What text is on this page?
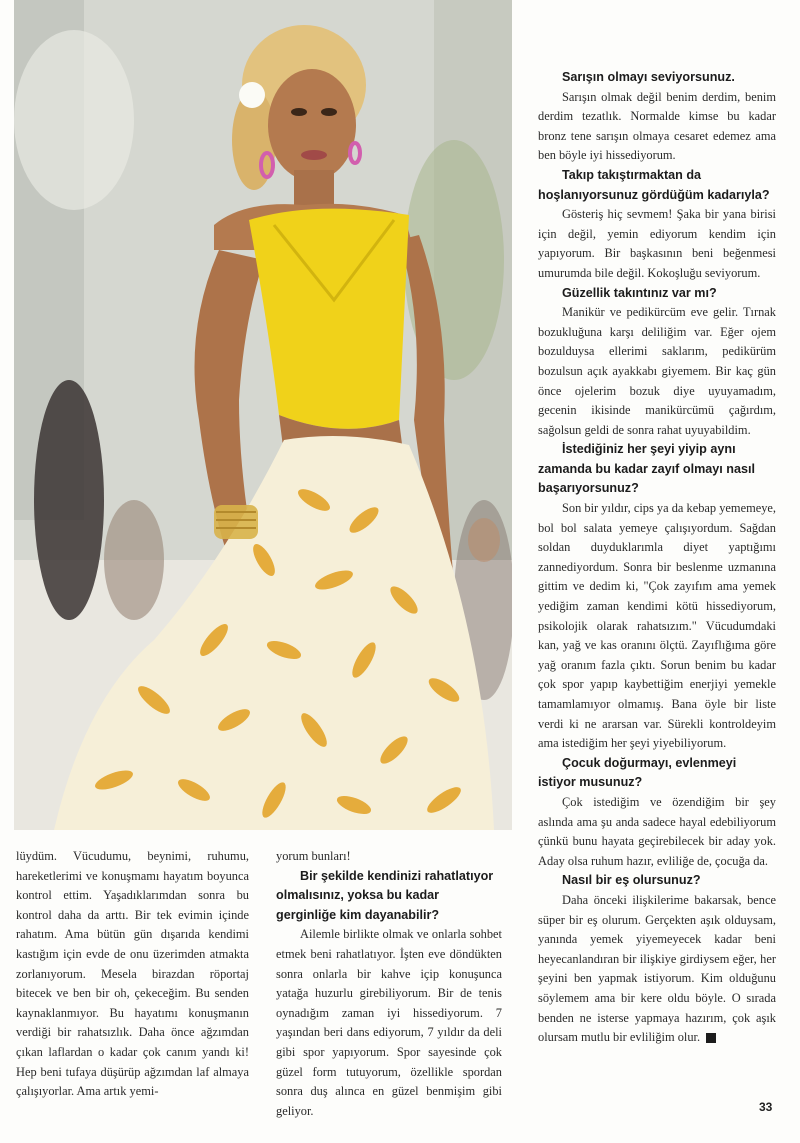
Sarışın olmayı seviyorsunuz.

Sarışın olmak değil benim derdim, benim derdim tezatlık. Normalde kimse bu kadar bronz tene sarışın olmaya cesaret edemez ama ben böyle iyi hissediyorum.

Takıp takıştırmaktan da hoşlanıyorsunuz gördüğüm kadarıyla?

Gösteriş hiç sevmem! Şaka bir yana birisi için değil, yemin ediyorum kendim için yapıyorum. Bir başkasının beni beğenmesi umurumda bile değil. Kokoşluğu seviyorum.

Güzellik takıntınız var mı?

Manikür ve pedikürcüm eve gelir. Tırnak bozukluğuna karşı deliliğim var. Eğer ojem bozulduysa ellerimi saklarım, pedikürüm bozulsun açık ayakkabı giyemem. Bir kaç gün önce ojelerim bozuk diye uyuyamadım, gecenin ikisinde manikürcümü çağırdım, sağolsun geldi de sonra rahat uyuyabildim.

İstediğiniz her şeyi yiyip aynı zamanda bu kadar zayıf olmayı nasıl başarıyorsunuz?

Son bir yıldır, cips ya da kebap yememeye, bol bol salata yemeye çalışıyordum. Sağdan soldan duyduklarımla diyet yaptığımı zannediyordum. Sonra bir beslenme uzmanına gittim ve dedim ki, "Çok zayıfım ama yemek yediğim zaman kendimi kötü hissediyorum, psikolojik olarak rahatsızım." Vücudumdaki kan, yağ ve kas oranını ölçtü. Zayıflığıma göre yağ oranım fazla çıktı. Sorun benim bu kadar çok spor yapıp kaybettiğim enerjiyi yemekle tamamlamıyor olmamış. Bana öyle bir liste verdi ki ne ararsan var. Sürekli kontroldeyim ama istediğim her şeyi yiyebiliyorum.

Çocuk doğurmayı, evlenmeyi istiyor musunuz?

Çok istediğim ve özendiğim bir şey aslında ama şu anda sadece hayal edebiliyorum çünkü bunu hayata geçirebilecek bir aday yok. Aday olsa ruhum hazır, evliliğe de, çocuğa da.

Nasıl bir eş olursunuz?

Daha önceki ilişkilerime bakarsak, bence süper bir eş olurum. Gerçekten aşık olduysam, yanında yemek yiyemeyecek kadar beni heyecanlandıran bir ilişkiye girdiysem eğer, her şeyini ben yapmak istiyorum. Kim olduğunu söylemem ama bir kere oldu böyle. O sırada benden ne isterse yapmaya hazırım, çok aşık olursam mutlu bir evliliğim olur.

lüydüm. Vücudumu, beynimi, ruhumu, hareketlerimi ve konuşmamı hayatım boyunca kontrol ettim. Yaşadıklarımdan sonra bu kontrol daha da arttı. Bir tek evimin içinde rahatım. Ama bütün gün dışarıda kendimi kastığım için evde de onu üzerimden atmakta zorlanıyorum. Mesela birazdan röportaj bitecek ve ben bir oh, çekeceğim. Bu senden kaynaklanmıyor. Bu hayatımı konuşmanın verdiği bir rahatsızlık. Daha önce ağzımdan çıkan laflardan o kadar çok canım yandı ki! Hep beni tufaya düşürüp ağzımdan laf almaya çalışıyorlar. Ama artık yemi-

yorum bunları!

Bir şekilde kendinizi rahatlatıyor olmalısınız, yoksa bu kadar gerginliğe kim dayanabilir?

Ailemle birlikte olmak ve onlarla sohbet etmek beni rahatlatıyor. İşten eve döndükten sonra onlarla bir kahve içip konuşunca yatağa huzurlu girebiliyorum. Bir de tenis oynadığım zaman iyi hissediyorum. 7 yaşından beri dans ediyorum, 7 yıldır da deli gibi spor yapıyorum. Spor sayesinde çok güzel form tutuyorum, özellikle spordan sonra duş alınca en güzel benmişim gibi geliyor.	33
